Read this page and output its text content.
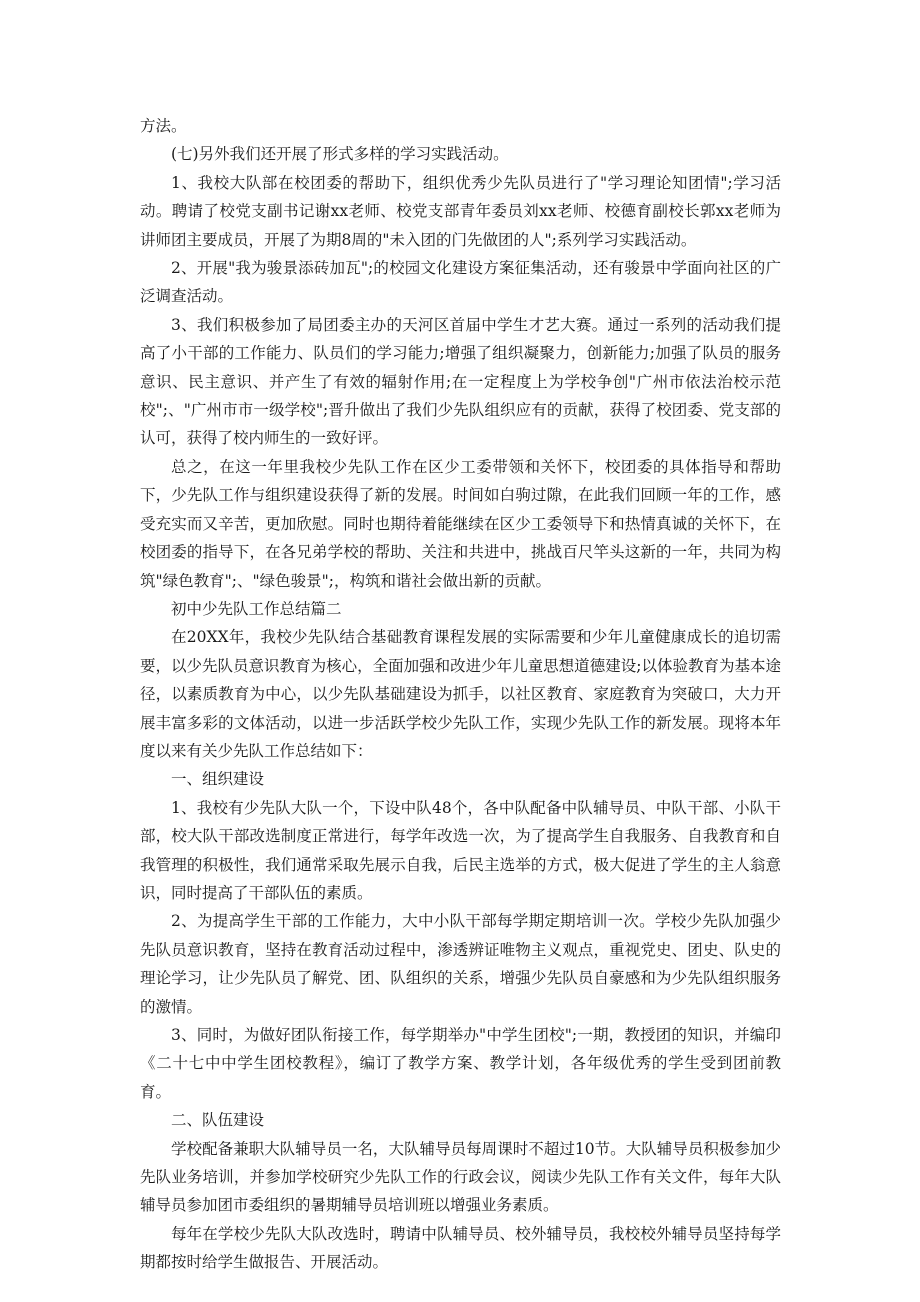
方法。

(七)另外我们还开展了形式多样的学习实践活动。

1、我校大队部在校团委的帮助下，组织优秀少先队员进行了"学习理论知团情";学习活动。聘请了校党支副书记谢xx老师、校党支部青年委员刘xx老师、校德育副校长郭xx老师为讲师团主要成员，开展了为期8周的"未入团的门先做团的人";系列学习实践活动。

2、开展"我为骏景添砖加瓦";的校园文化建设方案征集活动，还有骏景中学面向社区的广泛调查活动。

3、我们积极参加了局团委主办的天河区首届中学生才艺大赛。通过一系列的活动我们提高了小干部的工作能力、队员们的学习能力;增强了组织凝聚力，创新能力;加强了队员的服务意识、民主意识、并产生了有效的辐射作用;在一定程度上为学校争创"广州市依法治校示范校";、"广州市市一级学校";晋升做出了我们少先队组织应有的贡献，获得了校团委、党支部的认可，获得了校内师生的一致好评。

总之，在这一年里我校少先队工作在区少工委带领和关怀下，校团委的具体指导和帮助下，少先队工作与组织建设获得了新的发展。时间如白驹过隙，在此我们回顾一年的工作，感受充实而又辛苦，更加欣慰。同时也期待着能继续在区少工委领导下和热情真诚的关怀下，在校团委的指导下，在各兄弟学校的帮助、关注和共进中，挑战百尺竿头这新的一年，共同为构筑"绿色教育";、"绿色骏景";，构筑和谐社会做出新的贡献。

初中少先队工作总结篇二

在20XX年，我校少先队结合基础教育课程发展的实际需要和少年儿童健康成长的追切需要，以少先队员意识教育为核心，全面加强和改进少年儿童思想道德建设;以体验教育为基本途径，以素质教育为中心，以少先队基础建设为抓手，以社区教育、家庭教育为突破口，大力开展丰富多彩的文体活动，以进一步活跃学校少先队工作，实现少先队工作的新发展。现将本年度以来有关少先队工作总结如下：

一、组织建设

1、我校有少先队大队一个，下设中队48个，各中队配备中队辅导员、中队干部、小队干部，校大队干部改选制度正常进行，每学年改选一次，为了提高学生自我服务、自我教育和自我管理的积极性，我们通常采取先展示自我，后民主选举的方式，极大促进了学生的主人翁意识，同时提高了干部队伍的素质。

2、为提高学生干部的工作能力，大中小队干部每学期定期培训一次。学校少先队加强少先队员意识教育，坚持在教育活动过程中，渗透辨证唯物主义观点，重视党史、团史、队史的理论学习，让少先队员了解党、团、队组织的关系，增强少先队员自豪感和为少先队组织服务的激情。

3、同时，为做好团队衔接工作，每学期举办"中学生团校";一期，教授团的知识，并编印《二十七中中学生团校教程》，编订了教学方案、教学计划，各年级优秀的学生受到团前教育。

二、队伍建设

学校配备兼职大队辅导员一名，大队辅导员每周课时不超过10节。大队辅导员积极参加少先队业务培训，并参加学校研究少先队工作的行政会议，阅读少先队工作有关文件，每年大队辅导员参加团市委组织的暑期辅导员培训班以增强业务素质。

每年在学校少先队大队改选时，聘请中队辅导员、校外辅导员，我校校外辅导员坚持每学期都按时给学生做报告、开展活动。
